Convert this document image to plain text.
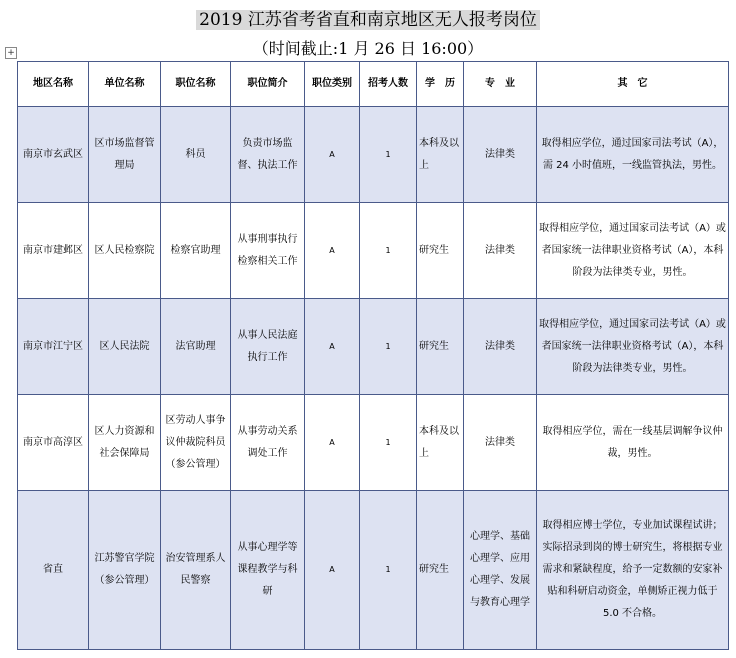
2019 江苏省考省直和南京地区无人报考岗位
（时间截止:1 月 26 日 16:00）
+
地区名称	单位名称	职位名称	职位简介	职位类别	招考人数	学　历	专　业	其　它
南京市玄武区	区市场监督管理局	科员	负责市场监督、执法工作	A	1	本科及以上	法律类	取得相应学位，通过国家司法考试（A），需 24 小时值班，一线监管执法，男性。
南京市建邺区	区人民检察院	检察官助理	从事刑事执行检察相关工作	A	1	研究生	法律类	取得相应学位，通过国家司法考试（A）或者国家统一法律职业资格考试（A），本科阶段为法律类专业，男性。
南京市江宁区	区人民法院	法官助理	从事人民法庭执行工作	A	1	研究生	法律类	取得相应学位，通过国家司法考试（A）或者国家统一法律职业资格考试（A），本科阶段为法律类专业，男性。
南京市高淳区	区人力资源和社会保障局	区劳动人事争议仲裁院科员（参公管理）	从事劳动关系调处工作	A	1	本科及以上	法律类	取得相应学位，需在一线基层调解争议仲裁，男性。
省直	江苏警官学院（参公管理）	治安管理系人民警察	从事心理学等课程教学与科研	A	1	研究生	心理学、基础心理学、应用心理学、发展与教育心理学	取得相应博士学位，专业加试课程试讲；实际招录到岗的博士研究生，将根据专业需求和紧缺程度，给予一定数额的安家补贴和科研启动资金，单侧矫正视力低于 5.0 不合格。
